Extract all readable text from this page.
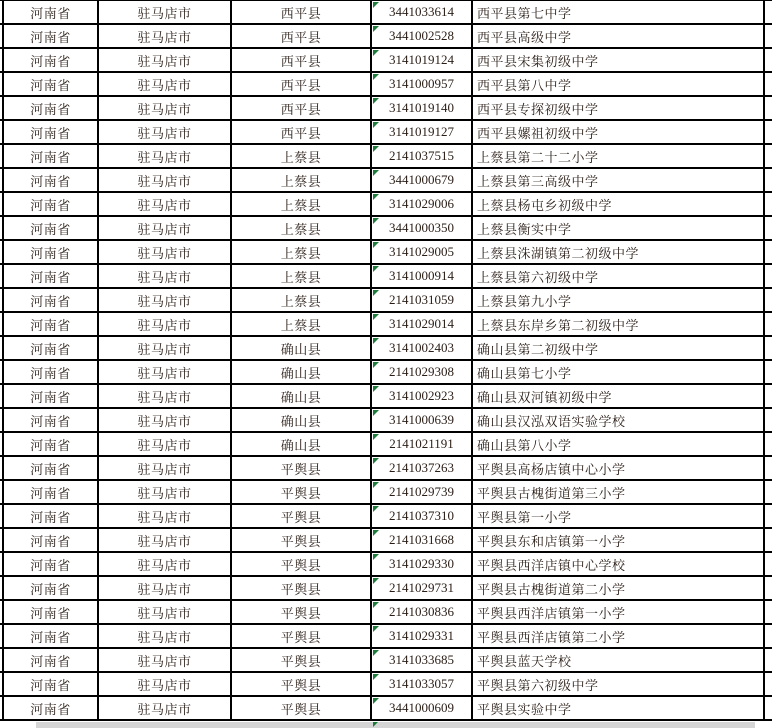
河南省	驻马店市	西平县	3441033614	西平县第七中学
河南省	驻马店市	西平县	3441002528	西平县高级中学
河南省	驻马店市	西平县	3141019124	西平县宋集初级中学
河南省	驻马店市	西平县	3141000957	西平县第八中学
河南省	驻马店市	西平县	3141019140	西平县专探初级中学
河南省	驻马店市	西平县	3141019127	西平县嫘祖初级中学
河南省	驻马店市	上蔡县	2141037515	上蔡县第二十二小学
河南省	驻马店市	上蔡县	3441000679	上蔡县第三高级中学
河南省	驻马店市	上蔡县	3141029006	上蔡县杨屯乡初级中学
河南省	驻马店市	上蔡县	3441000350	上蔡县衡实中学
河南省	驻马店市	上蔡县	3141029005	上蔡县洙湖镇第二初级中学
河南省	驻马店市	上蔡县	3141000914	上蔡县第六初级中学
河南省	驻马店市	上蔡县	2141031059	上蔡县第九小学
河南省	驻马店市	上蔡县	3141029014	上蔡县东岸乡第二初级中学
河南省	驻马店市	确山县	3141002403	确山县第二初级中学
河南省	驻马店市	确山县	2141029308	确山县第七小学
河南省	驻马店市	确山县	3141002923	确山县双河镇初级中学
河南省	驻马店市	确山县	3141000639	确山县汉泓双语实验学校
河南省	驻马店市	确山县	2141021191	确山县第八小学
河南省	驻马店市	平舆县	2141037263	平舆县高杨店镇中心小学
河南省	驻马店市	平舆县	2141029739	平舆县古槐街道第三小学
河南省	驻马店市	平舆县	2141037310	平舆县第一小学
河南省	驻马店市	平舆县	2141031668	平舆县东和店镇第一小学
河南省	驻马店市	平舆县	3141029330	平舆县西洋店镇中心学校
河南省	驻马店市	平舆县	2141029731	平舆县古槐街道第二小学
河南省	驻马店市	平舆县	2141030836	平舆县西洋店镇第一小学
河南省	驻马店市	平舆县	3141029331	平舆县西洋店镇第二小学
河南省	驻马店市	平舆县	3141033685	平舆县蓝天学校
河南省	驻马店市	平舆县	3141033057	平舆县第六初级中学
河南省	驻马店市	平舆县	3441000609	平舆县实验中学
